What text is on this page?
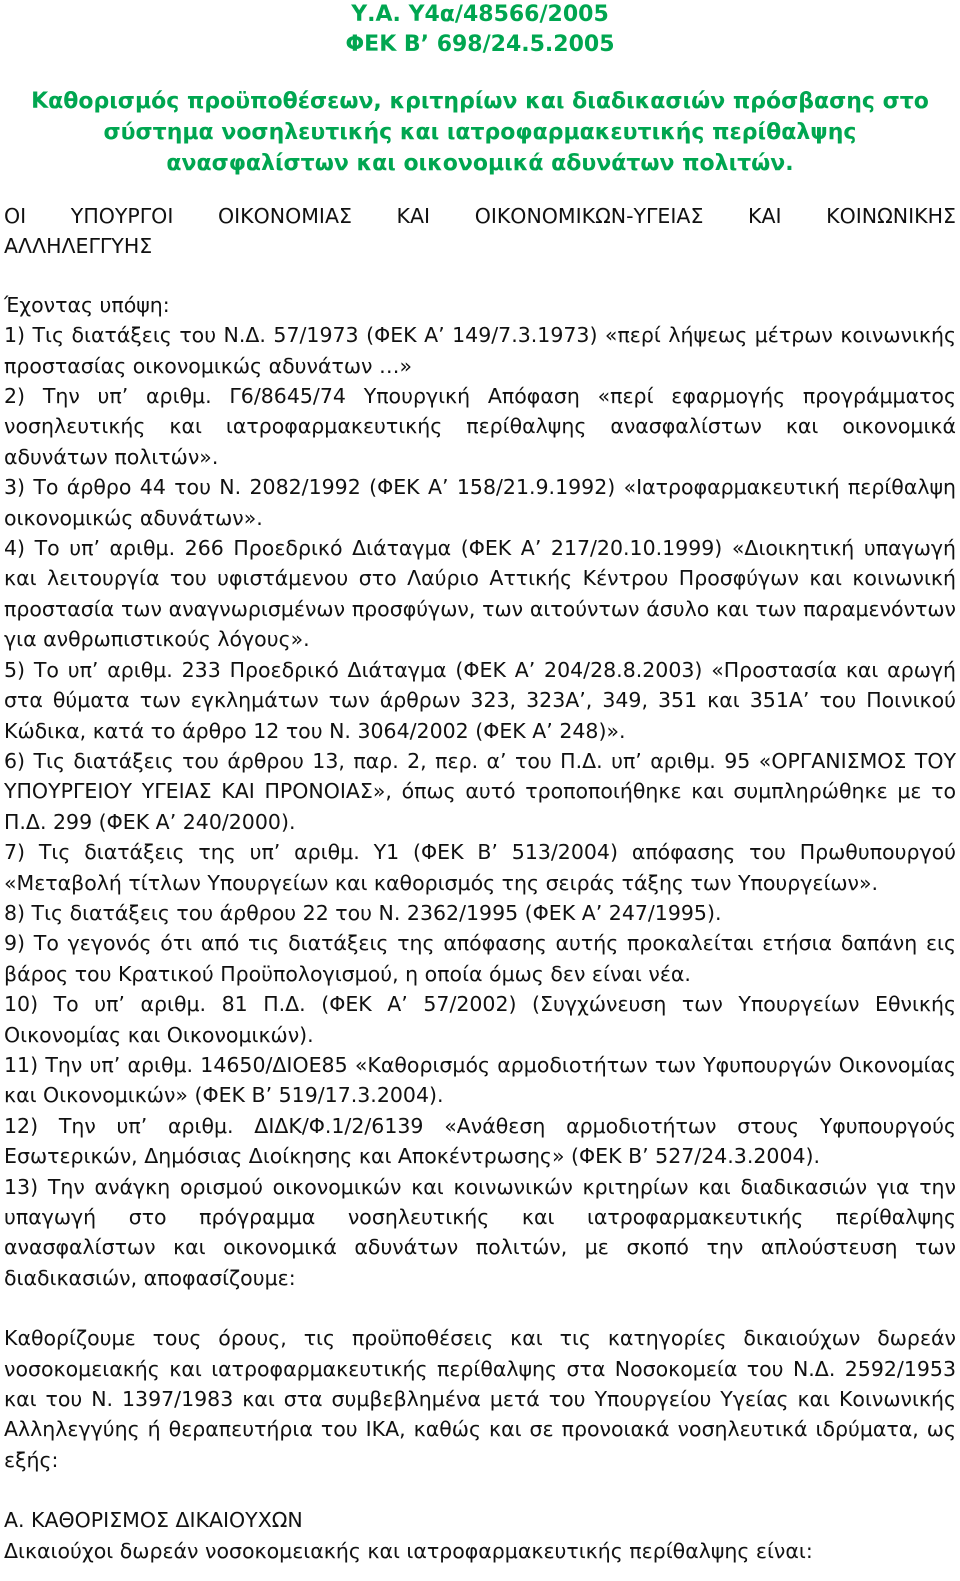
Υ.Α. Υ4α/48566/2005
ΦΕΚ Β’ 698/24.5.2005
Καθορισμός προϋποθέσεων, κριτηρίων και διαδικασιών πρόσβασης στο σύστημα νοσηλευτικής και ιατροφαρμακευτικής περίθαλψης ανασφαλίστων και οικονομικά αδυνάτων πολιτών.
ΟΙ ΥΠΟΥΡΓΟΙ ΟΙΚΟΝΟΜΙΑΣ ΚΑΙ ΟΙΚΟΝΟΜΙΚΩΝ-ΥΓΕΙΑΣ ΚΑΙ ΚΟΙΝΩΝΙΚΗΣ ΑΛΛΗΛΕΓΓΥΗΣ
Έχοντας υπόψη:
1) Τις διατάξεις του Ν.Δ. 57/1973 (ΦΕΚ Α’ 149/7.3.1973) «περί λήψεως μέτρων κοινωνικής προστασίας οικονομικώς αδυνάτων …»
2) Την υπ’ αριθμ. Γ6/8645/74 Υπουργική Απόφαση «περί εφαρμογής προγράμματος νοσηλευτικής και ιατροφαρμακευτικής περίθαλψης ανασφαλίστων και οικονομικά αδυνάτων πολιτών».
3) Το άρθρο 44 του Ν. 2082/1992 (ΦΕΚ Α’ 158/21.9.1992) «Ιατροφαρμακευτική περίθαλψη οικονομικώς αδυνάτων».
4) Το υπ’ αριθμ. 266 Προεδρικό Διάταγμα (ΦΕΚ Α’ 217/20.10.1999) «Διοικητική υπαγωγή και λειτουργία του υφιστάμενου στο Λαύριο Αττικής Κέντρου Προσφύγων και κοινωνική προστασία των αναγνωρισμένων προσφύγων, των αιτούντων άσυλο και των παραμενόντων για ανθρωπιστικούς λόγους».
5) Το υπ’ αριθμ. 233 Προεδρικό Διάταγμα (ΦΕΚ Α’ 204/28.8.2003) «Προστασία και αρωγή στα θύματα των εγκλημάτων των άρθρων 323, 323Α’, 349, 351 και 351Α’ του Ποινικού Κώδικα, κατά το άρθρο 12 του Ν. 3064/2002 (ΦΕΚ Α’ 248)».
6) Τις διατάξεις του άρθρου 13, παρ. 2, περ. α’ του Π.Δ. υπ’ αριθμ. 95 «ΟΡΓΑΝΙΣΜΟΣ ΤΟΥ ΥΠΟΥΡΓΕΙΟΥ ΥΓΕΙΑΣ ΚΑΙ ΠΡΟΝΟΙΑΣ», όπως αυτό τροποποιήθηκε και συμπληρώθηκε με το Π.Δ. 299 (ΦΕΚ Α’ 240/2000).
7) Τις διατάξεις της υπ’ αριθμ. Υ1 (ΦΕΚ Β’ 513/2004) απόφασης του Πρωθυπουργού «Μεταβολή τίτλων Υπουργείων και καθορισμός της σειράς τάξης των Υπουργείων».
8) Τις διατάξεις του άρθρου 22 του Ν. 2362/1995 (ΦΕΚ Α’ 247/1995).
9) Το γεγονός ότι από τις διατάξεις της απόφασης αυτής προκαλείται ετήσια δαπάνη εις βάρος του Κρατικού Προϋπολογισμού, η οποία όμως δεν είναι νέα.
10) Το υπ’ αριθμ. 81 Π.Δ. (ΦΕΚ Α’ 57/2002) (Συγχώνευση των Υπουργείων Εθνικής Οικονομίας και Οικονομικών).
11) Την υπ’ αριθμ. 14650/ΔΙΟΕ85 «Καθορισμός αρμοδιοτήτων των Υφυπουργών Οικονομίας και Οικονομικών» (ΦΕΚ Β’ 519/17.3.2004).
12) Την υπ’ αριθμ. ΔΙΔΚ/Φ.1/2/6139 «Ανάθεση αρμοδιοτήτων στους Υφυπουργούς Εσωτερικών, Δημόσιας Διοίκησης και Αποκέντρωσης» (ΦΕΚ Β’ 527/24.3.2004).
13) Την ανάγκη ορισμού οικονομικών και κοινωνικών κριτηρίων και διαδικασιών για την υπαγωγή στο πρόγραμμα νοσηλευτικής και ιατροφαρμακευτικής περίθαλψης ανασφαλίστων και οικονομικά αδυνάτων πολιτών, με σκοπό την απλούστευση των διαδικασιών, αποφασίζουμε:
Καθορίζουμε τους όρους, τις προϋποθέσεις και τις κατηγορίες δικαιούχων δωρεάν νοσοκομειακής και ιατροφαρμακευτικής περίθαλψης στα Νοσοκομεία του Ν.Δ. 2592/1953 και του Ν. 1397/1983 και στα συμβεβλημένα μετά του Υπουργείου Υγείας και Κοινωνικής Αλληλεγγύης ή θεραπευτήρια του ΙΚΑ, καθώς και σε προνοιακά νοσηλευτικά ιδρύματα, ως εξής:
Α. ΚΑΘΟΡΙΣΜΟΣ ΔΙΚΑΙΟΥΧΩΝ
Δικαιούχοι δωρεάν νοσοκομειακής και ιατροφαρμακευτικής περίθαλψης είναι:
